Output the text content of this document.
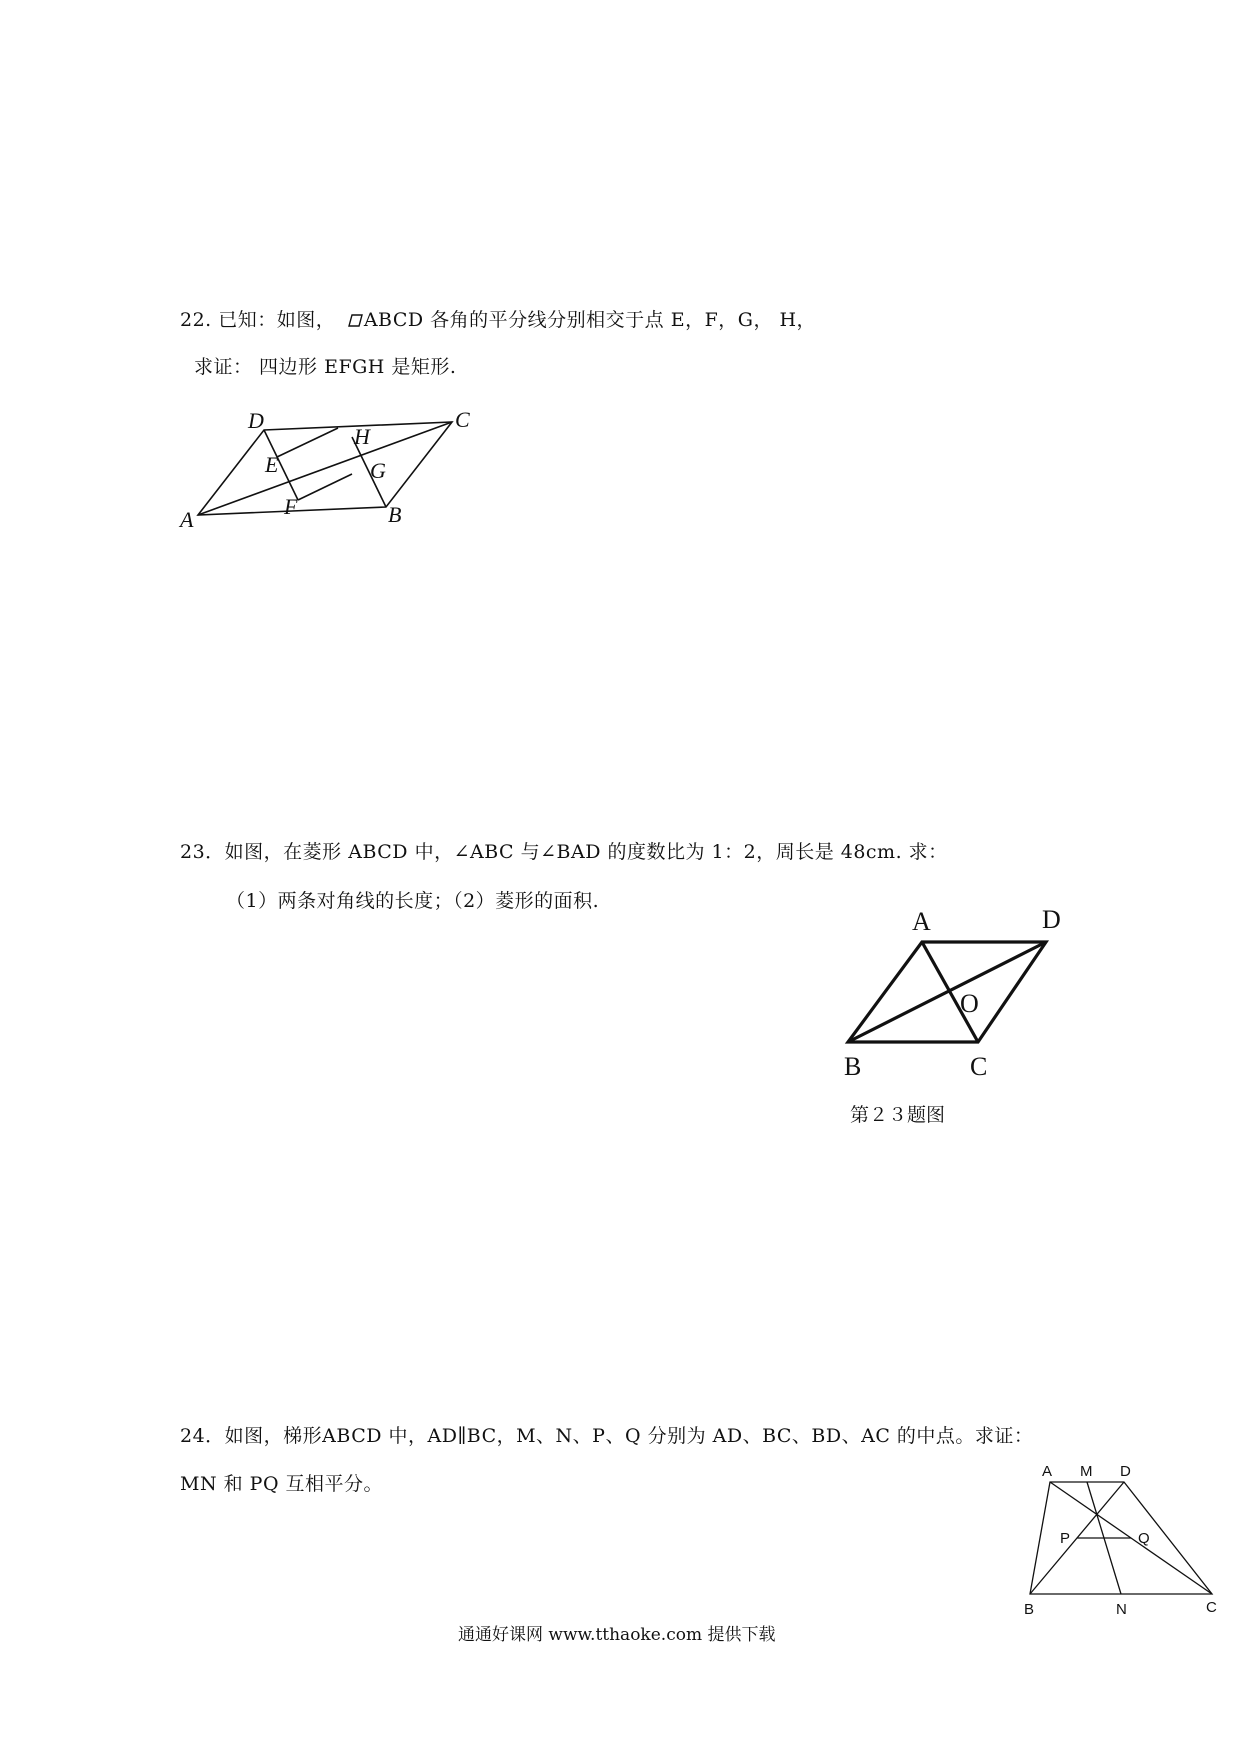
22. 已知：如图， ABCD 各角的平分线分别相交于点 E，F，G， H，
求证： 四边形 EFGH 是矩形.
D	C
H
E	G
F
A	B
23．如图，在菱形 ABCD 中，∠ABC 与∠BAD 的度数比为 1：2，周长是 48cm. 求：
（1）两条对角线的长度；（2）菱形的面积.
A	D
O
B	C
第２３题图
24．如图，梯形ABCD 中，AD∥BC，M、N、P、Q 分别为 AD、BC、BD、AC 的中点。求证：
MN 和 PQ 互相平分。
A M D
P	Q
B	N	C
通通好课网 www.tthaoke.com 提供下载
